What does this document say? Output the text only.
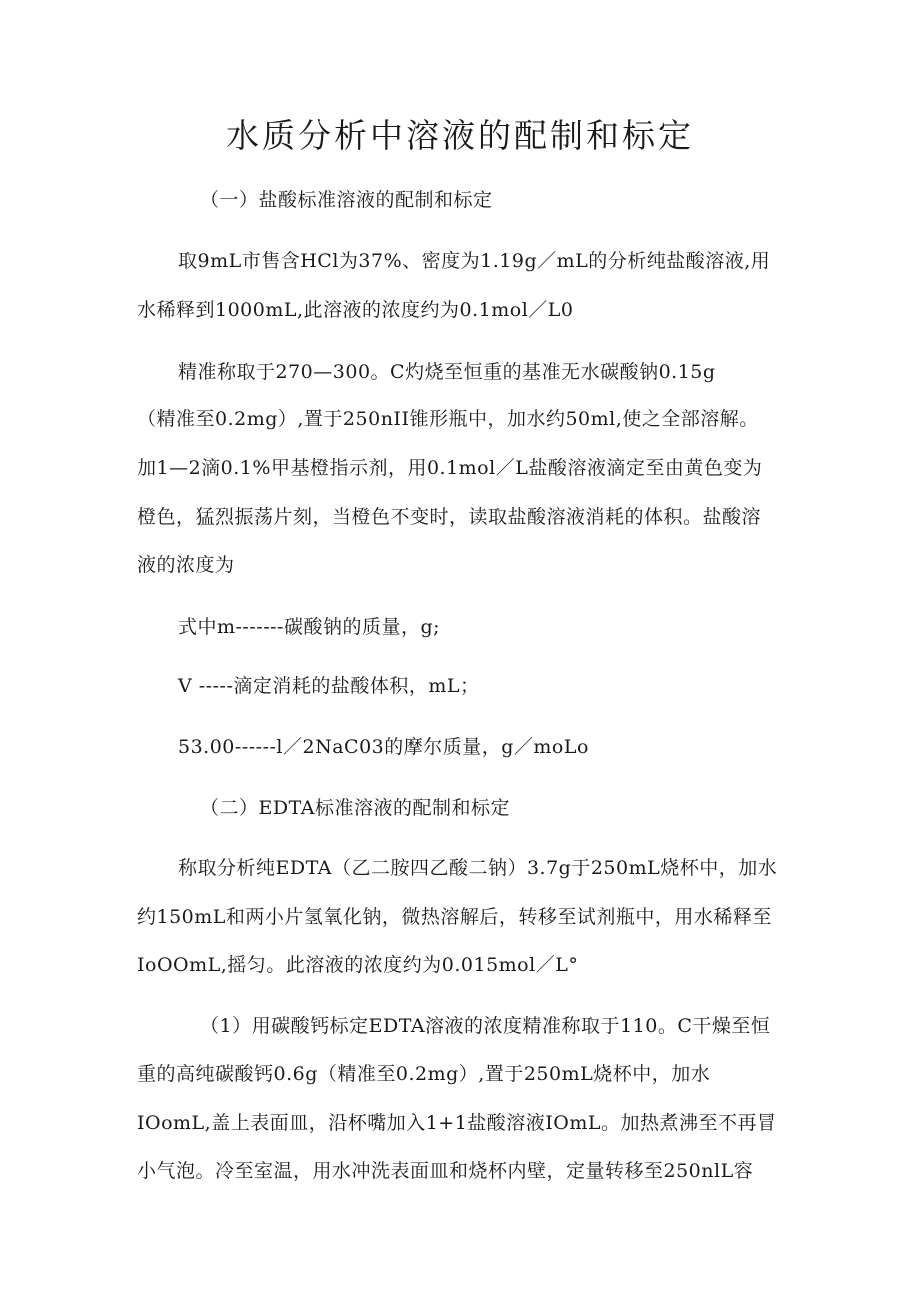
水质分析中溶液的配制和标定

（一）盐酸标准溶液的配制和标定

取9mL市售含HCl为37%、密度为1.19g／mL的分析纯盐酸溶液,用

水稀释到1000mL,此溶液的浓度约为0.1mol／L0

精准称取于270—300。C灼烧至恒重的基准无水碳酸钠0.15g

（精准至0.2mg）,置于250nII锥形瓶中，加水约50ml,使之全部溶解。

加1—2滴0.1%甲基橙指示剂，用0.1mol／L盐酸溶液滴定至由黄色变为

橙色，猛烈振荡片刻，当橙色不变时，读取盐酸溶液消耗的体积。盐酸溶

液的浓度为

式中m-------碳酸钠的质量，g;

V -----滴定消耗的盐酸体积，mL；

53.00------l／2NaC03的摩尔质量，g／moLo

（二）EDTA标准溶液的配制和标定

称取分析纯EDTA（乙二胺四乙酸二钠）3.7g于250mL烧杯中，加水

约150mL和两小片氢氧化钠，微热溶解后，转移至试剂瓶中，用水稀释至

IoOOmL,摇匀。此溶液的浓度约为0.015mol／L°

（1）用碳酸钙标定EDTA溶液的浓度精准称取于110。C干燥至恒

重的高纯碳酸钙0.6g（精准至0.2mg）,置于250mL烧杯中，加水

IOomL,盖上表面皿，沿杯嘴加入1+1盐酸溶液IOmL。加热煮沸至不再冒

小气泡。冷至室温，用水冲洗表面皿和烧杯内壁，定量转移至250nlL容
